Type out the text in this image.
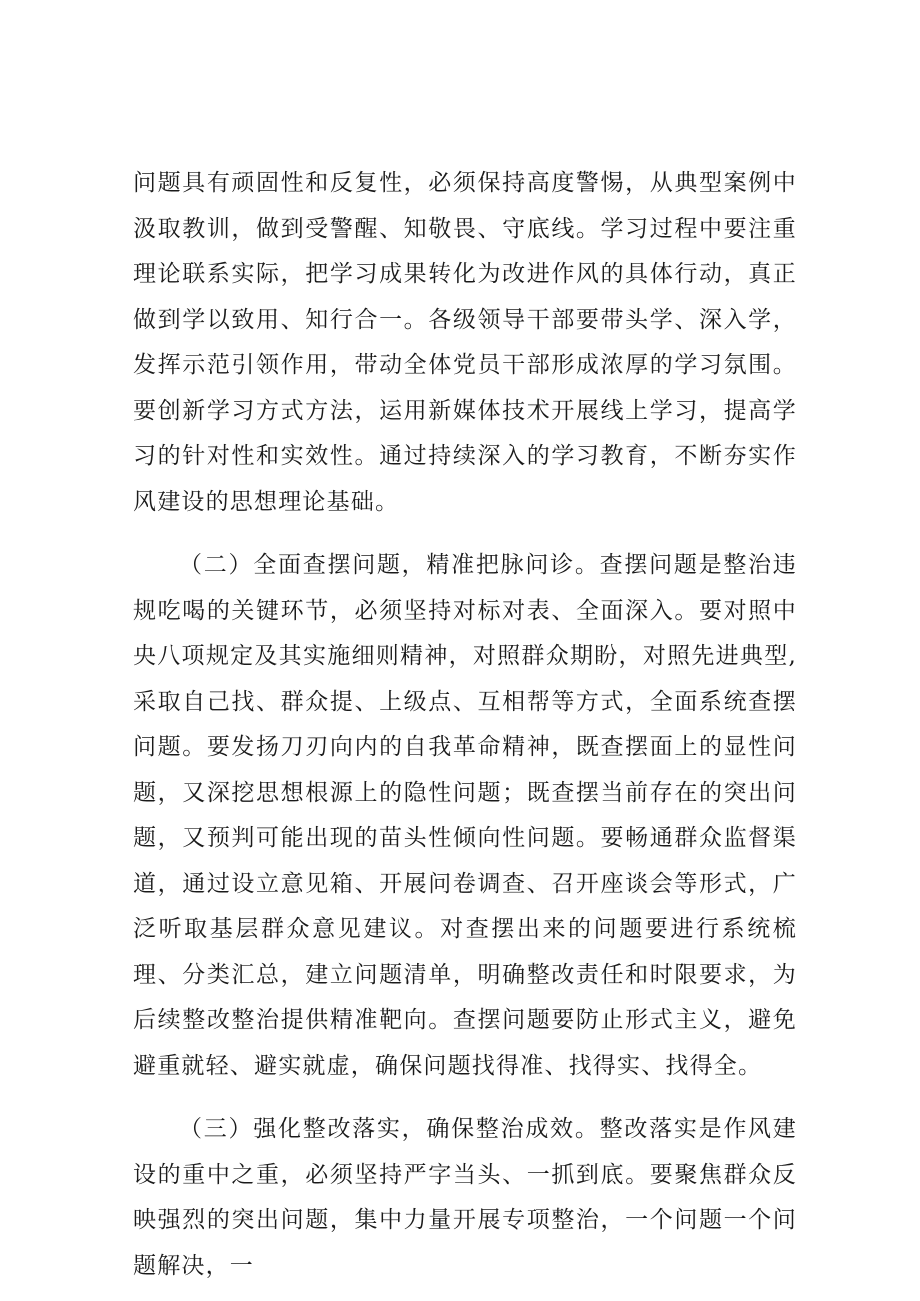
问题具有顽固性和反复性，必须保持高度警惕，从典型案例中汲取教训，做到受警醒、知敬畏、守底线。学习过程中要注重理论联系实际，把学习成果转化为改进作风的具体行动，真正做到学以致用、知行合一。各级领导干部要带头学、深入学，发挥示范引领作用，带动全体党员干部形成浓厚的学习氛围。要创新学习方式方法，运用新媒体技术开展线上学习，提高学习的针对性和实效性。通过持续深入的学习教育，不断夯实作风建设的思想理论基础。

（二）全面查摆问题，精准把脉问诊。查摆问题是整治违规吃喝的关键环节，必须坚持对标对表、全面深入。要对照中央八项规定及其实施细则精神，对照群众期盼，对照先进典型,采取自己找、群众提、上级点、互相帮等方式，全面系统查摆问题。要发扬刀刃向内的自我革命精神，既查摆面上的显性问题，又深挖思想根源上的隐性问题；既查摆当前存在的突出问题，又预判可能出现的苗头性倾向性问题。要畅通群众监督渠道，通过设立意见箱、开展问卷调查、召开座谈会等形式，广泛听取基层群众意见建议。对查摆出来的问题要进行系统梳理、分类汇总，建立问题清单，明确整改责任和时限要求，为后续整改整治提供精准靶向。查摆问题要防止形式主义，避免避重就轻、避实就虚，确保问题找得准、找得实、找得全。

（三）强化整改落实，确保整治成效。整改落实是作风建设的重中之重，必须坚持严字当头、一抓到底。要聚焦群众反映强烈的突出问题，集中力量开展专项整治，一个问题一个问题解决，一
